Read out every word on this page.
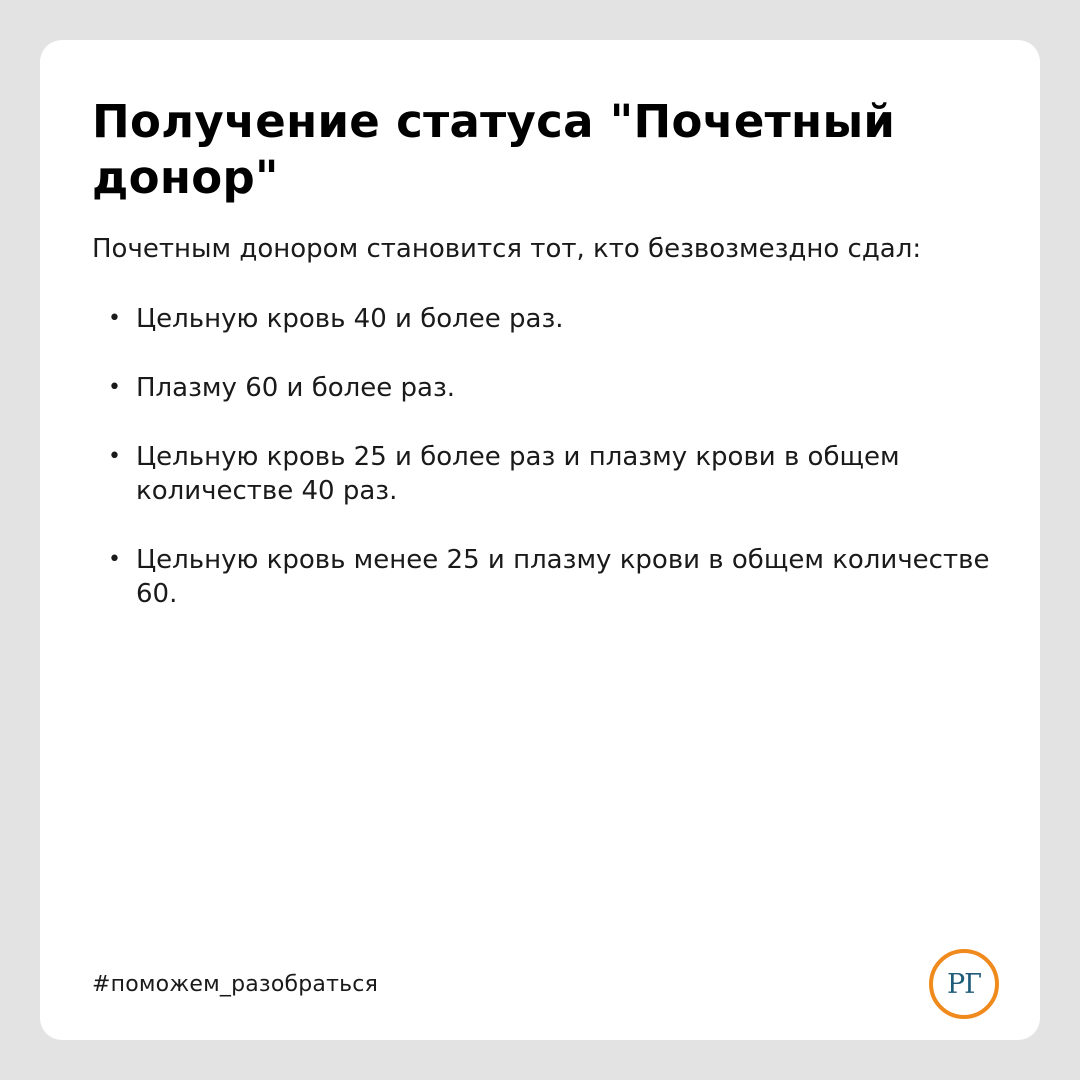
Получение статуса "Почетный донор"

Почетным донором становится тот, кто безвозмездно сдал:

• Цельную кровь 40 и более раз.
• Плазму 60 и более раз.
• Цельную кровь 25 и более раз и плазму крови в общем количестве 40 раз.
• Цельную кровь менее 25 и плазму крови в общем количестве 60.
#поможем_разобраться	РГ
